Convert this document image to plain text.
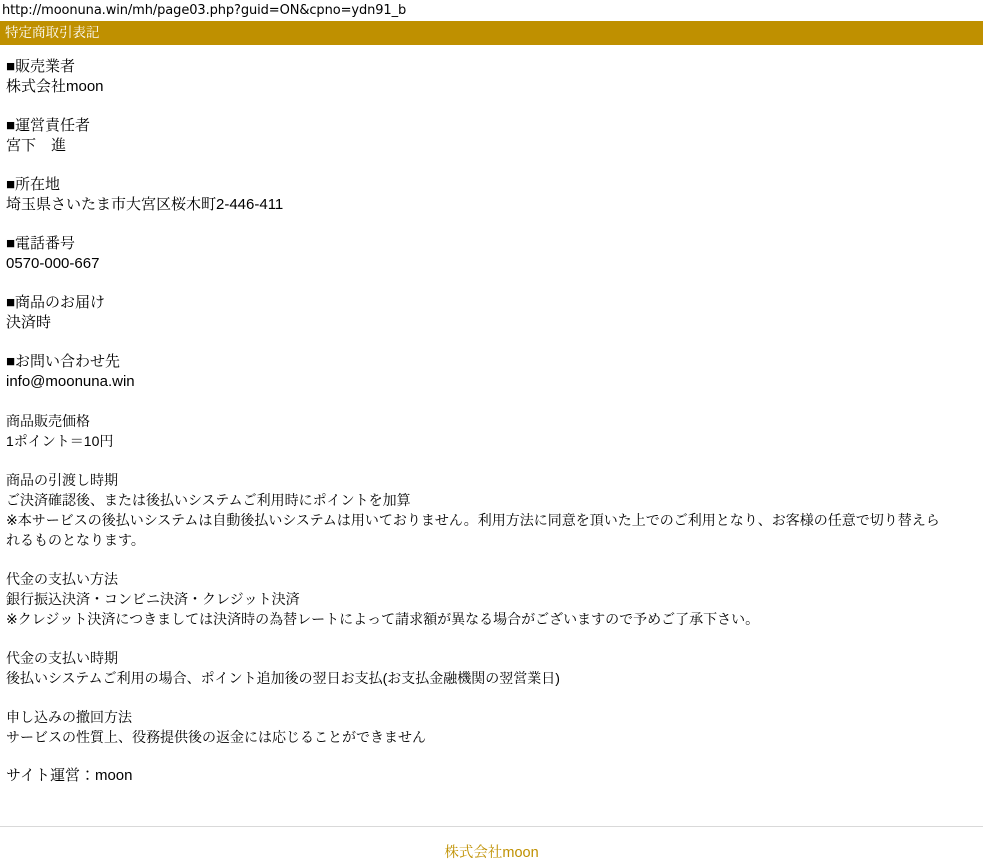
http://moonuna.win/mh/page03.php?guid=ON&cpno=ydn91_b
特定商取引表記

■販売業者

株式会社moon

■運営責任者

宮下　進

■所在地

埼玉県さいたま市大宮区桜木町2-446-411

■電話番号

0570-000-667

■商品のお届け

決済時

■お問い合わせ先

info@moonuna.win

商品販売価格

1ポイント＝10円

商品の引渡し時期

ご決済確認後、または後払いシステムご利用時にポイントを加算

※本サービスの後払いシステムは自動後払いシステムは用いておりません。利用方法に同意を頂いた上でのご利用となり、お客様の任意で切り替えられるものとなります。

代金の支払い方法

銀行振込決済・コンビニ決済・クレジット決済

※クレジット決済につきましては決済時の為替レートによって請求額が異なる場合がございますので予めご了承下さい。

代金の支払い時期

後払いシステムご利用の場合、ポイント追加後の翌日お支払(お支払金融機関の翌営業日)

申し込みの撤回方法

サービスの性質上、役務提供後の返金には応じることができません

サイト運営：moon

株式会社moon
